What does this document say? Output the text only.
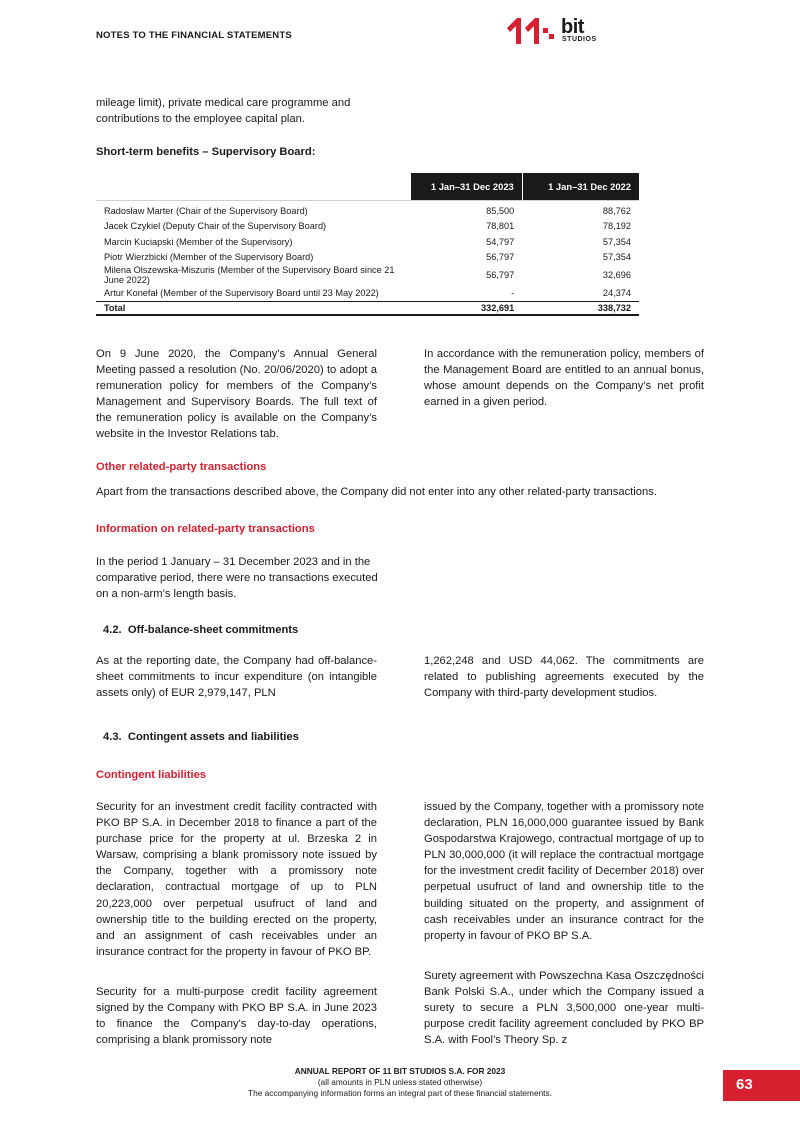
NOTES TO THE FINANCIAL STATEMENTS	bit
STUDIOS

mileage limit), private medical care programme and contributions to the employee capital plan.

Short-term benefits – Supervisory Board:
	1 Jan–31 Dec 2023	1 Jan–31 Dec 2022
Radosław Marter (Chair of the Supervisory Board)	85,500	88,762
Jacek Czykiel (Deputy Chair of the Supervisory Board)	78,801	78,192
Marcin Kuciapski (Member of the Supervisory)	54,797	57,354
Piotr Wierzbicki (Member of the Supervisory Board)	56,797	57,354
Milena Olszewska-Miszuris (Member of the Supervisory Board since 21 June 2022)	56,797	32,696
Artur Konefał (Member of the Supervisory Board until 23 May 2022)	-	24,374
Total	332,691	338,732

On 9 June 2020, the Company’s Annual General Meeting passed a resolution (No. 20/06/2020) to adopt a remuneration policy for members of the Company’s Management and Supervisory Boards. The full text of the remuneration policy is available on the Company’s website in the Investor Relations tab.

In accordance with the remuneration policy, members of the Management Board are entitled to an annual bonus, whose amount depends on the Company’s net profit earned in a given period.

Other related-party transactions

Apart from the transactions described above, the Company did not enter into any other related-party transactions.

Information on related-party transactions

In the period 1 January – 31 December 2023 and in the comparative period, there were no transactions executed on a non-arm’s length basis.

4.2. Off-balance-sheet commitments

As at the reporting date, the Company had off-balance-sheet commitments to incur expenditure (on intangible assets only) of EUR 2,979,147, PLN

1,262,248 and USD 44,062. The commitments are related to publishing agreements executed by the Company with third-party development studios.

4.3. Contingent assets and liabilities
Contingent liabilities

Security for an investment credit facility contracted with PKO BP S.A. in December 2018 to finance a part of the purchase price for the property at ul. Brzeska 2 in Warsaw, comprising a blank promissory note issued by the Company, together with a promissory note declaration, contractual mortgage of up to PLN 20,223,000 over perpetual usufruct of land and ownership title to the building erected on the property, and an assignment of cash receivables under an insurance contract for the property in favour of PKO BP.

Security for a multi-purpose credit facility agreement signed by the Company with PKO BP S.A. in June 2023 to finance the Company's day-to-day operations, comprising a blank promissory note

issued by the Company, together with a promissory note declaration, PLN 16,000,000 guarantee issued by Bank Gospodarstwa Krajowego, contractual mortgage of up to PLN 30,000,000 (it will replace the contractual mortgage for the investment credit facility of December 2018) over perpetual usufruct of land and ownership title to the building situated on the property, and assignment of cash receivables under an insurance contract for the property in favour of PKO BP S.A.

Surety agreement with Powszechna Kasa Oszczędności Bank Polski S.A., under which the Company issued a surety to secure a PLN 3,500,000 one-year multi-purpose credit facility agreement concluded by PKO BP S.A. with Fool’s Theory Sp. z

ANNUAL REPORT OF 11 BIT STUDIOS S.A. FOR 2023
(all amounts in PLN unless stated otherwise)
The accompanying information forms an integral part of these financial statements.	63
